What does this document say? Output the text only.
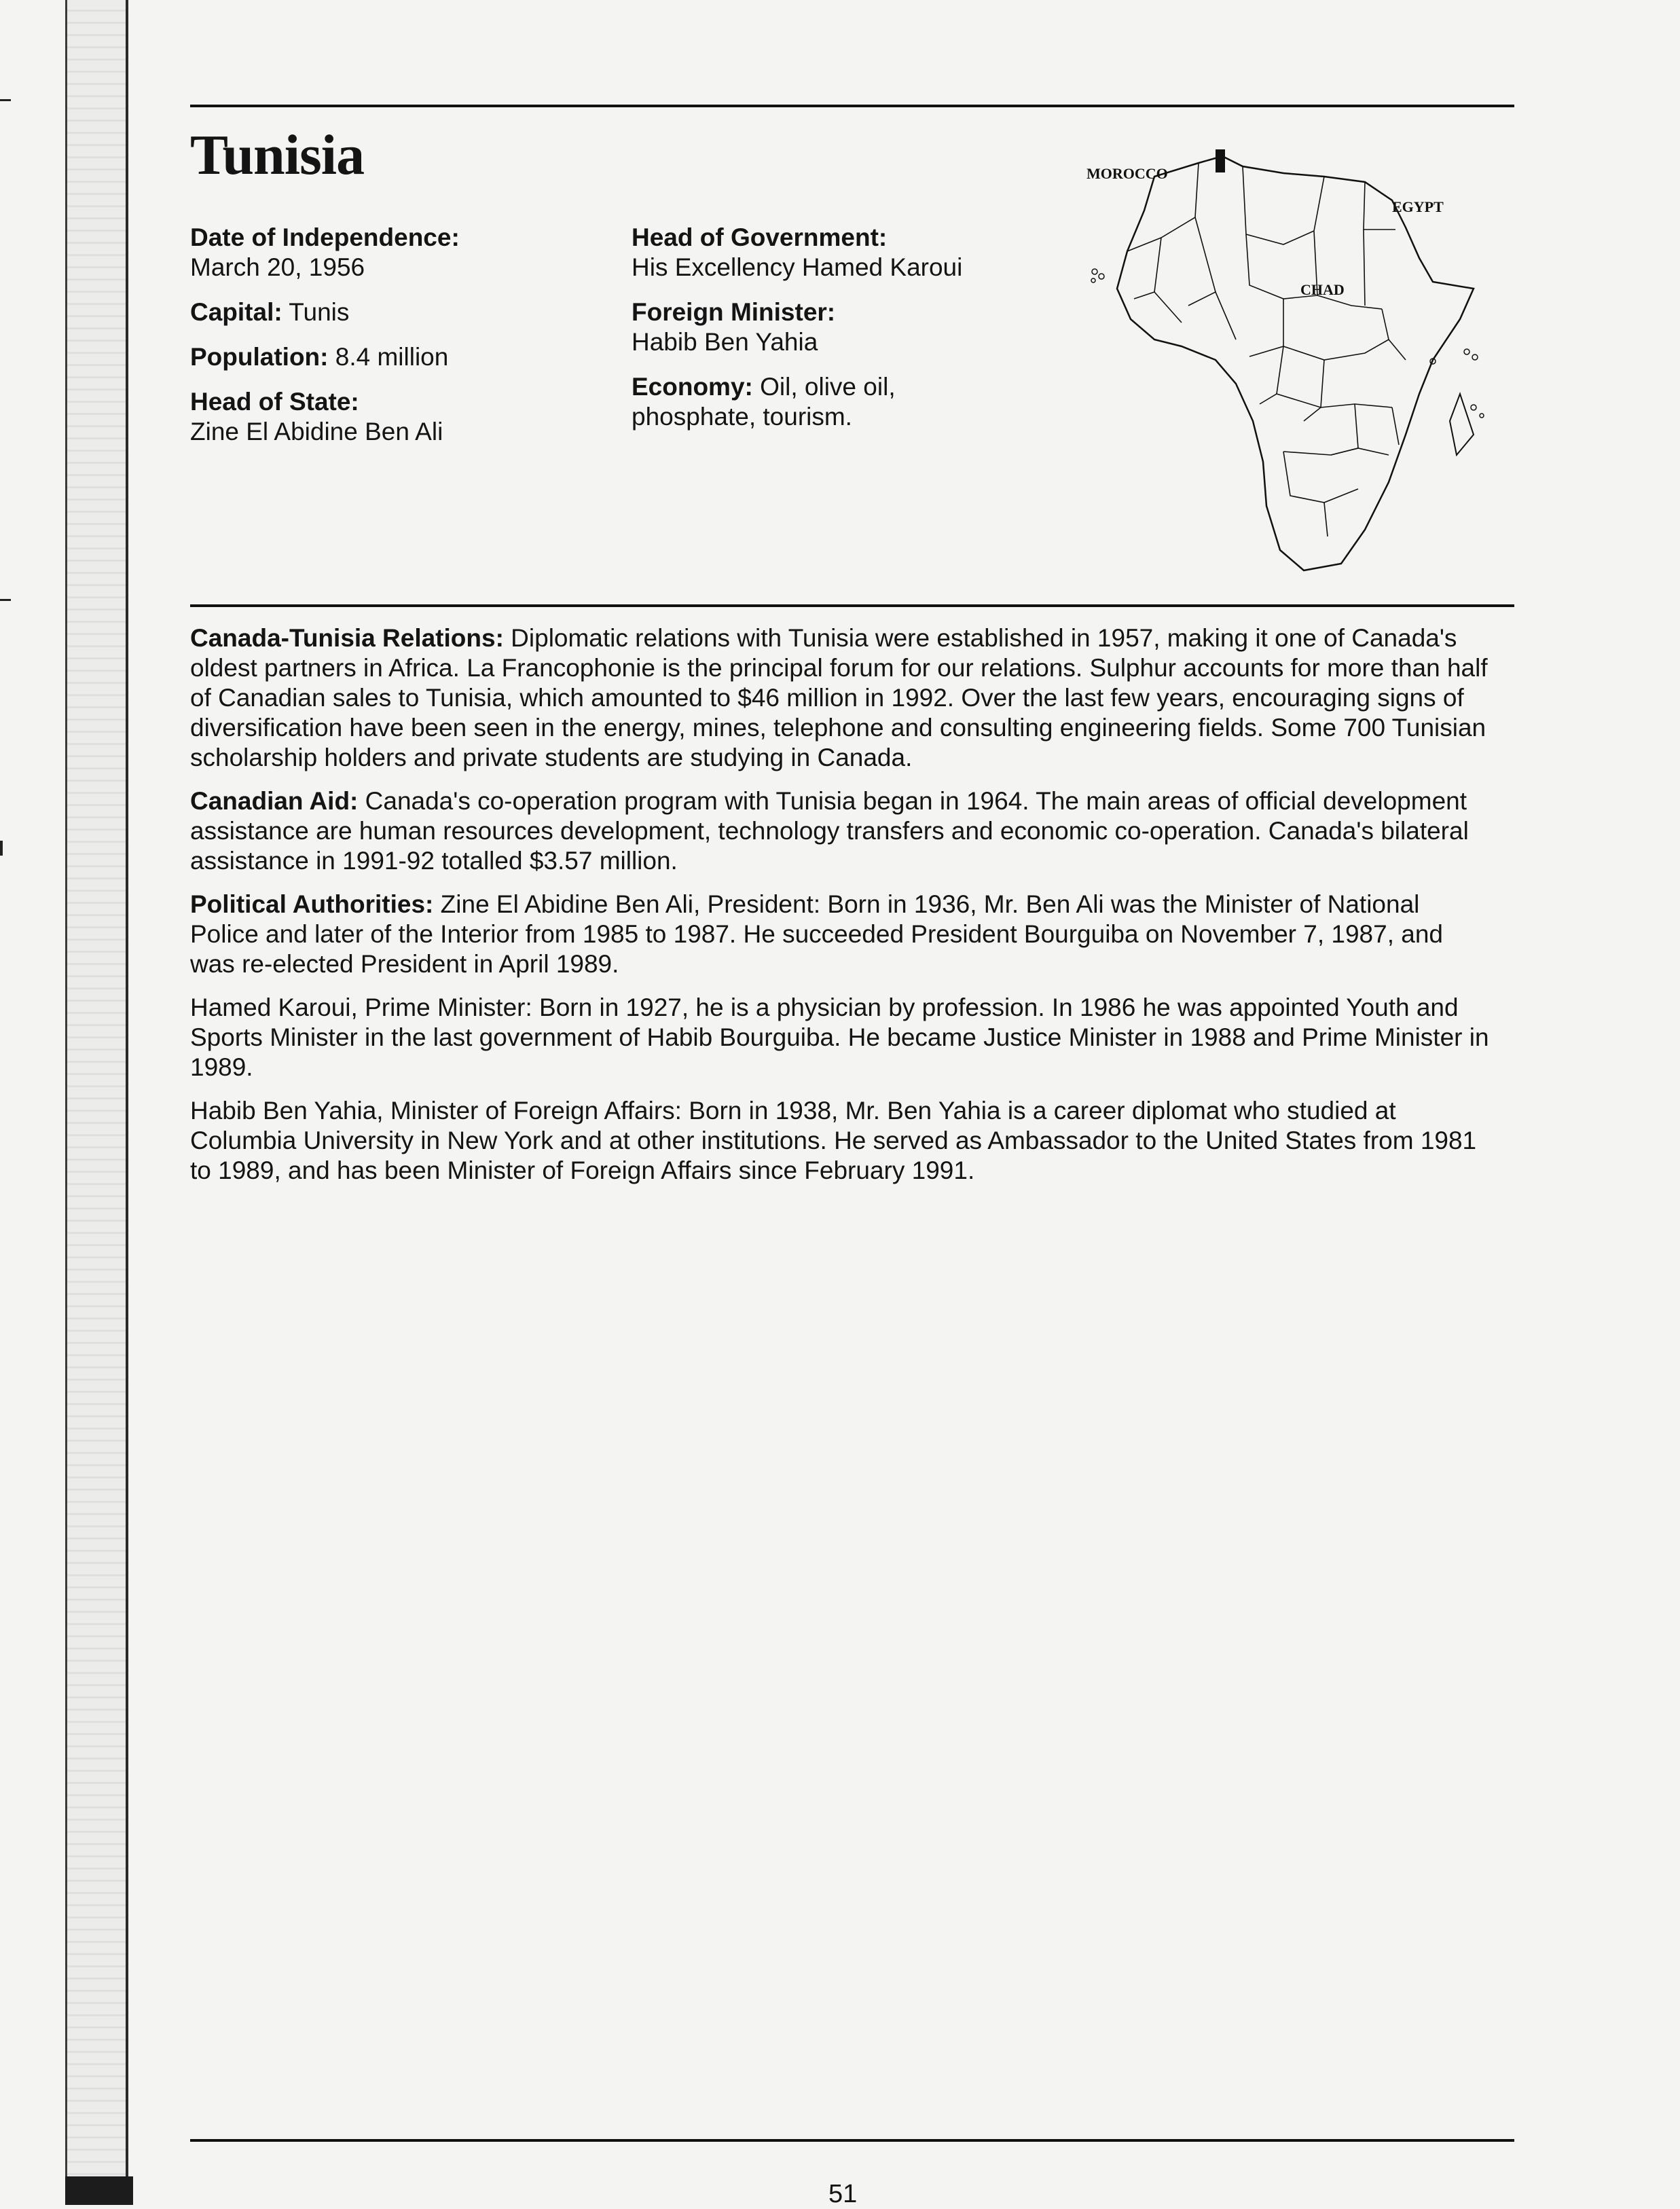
Tunisia
Date of Independence:
March 20, 1956
Capital: Tunis
Population: 8.4 million
Head of State:
Zine El Abidine Ben Ali
Head of Government:
His Excellency Hamed Karoui
Foreign Minister:
Habib Ben Yahia
Economy: Oil, olive oil, phosphate, tourism.
MOROCCO
EGYPT
CHAD

Canada-Tunisia Relations: Diplomatic relations with Tunisia were established in 1957, making it one of Canada's oldest partners in Africa. La Francophonie is the principal forum for our relations. Sulphur accounts for more than half of Canadian sales to Tunisia, which amounted to $46 million in 1992. Over the last few years, encouraging signs of diversification have been seen in the energy, mines, telephone and consulting engineering fields. Some 700 Tunisian scholarship holders and private students are studying in Canada.

Canadian Aid: Canada's co-operation program with Tunisia began in 1964. The main areas of official development assistance are human resources development, technology transfers and economic co-operation. Canada's bilateral assistance in 1991-92 totalled $3.57 million.

Political Authorities: Zine El Abidine Ben Ali, President: Born in 1936, Mr. Ben Ali was the Minister of National Police and later of the Interior from 1985 to 1987. He succeeded President Bourguiba on November 7, 1987, and was re-elected President in April 1989.

Hamed Karoui, Prime Minister: Born in 1927, he is a physician by profession. In 1986 he was appointed Youth and Sports Minister in the last government of Habib Bourguiba. He became Justice Minister in 1988 and Prime Minister in 1989.

Habib Ben Yahia, Minister of Foreign Affairs: Born in 1938, Mr. Ben Yahia is a career diplomat who studied at Columbia University in New York and at other institutions. He served as Ambassador to the United States from 1981 to 1989, and has been Minister of Foreign Affairs since February 1991.

51
